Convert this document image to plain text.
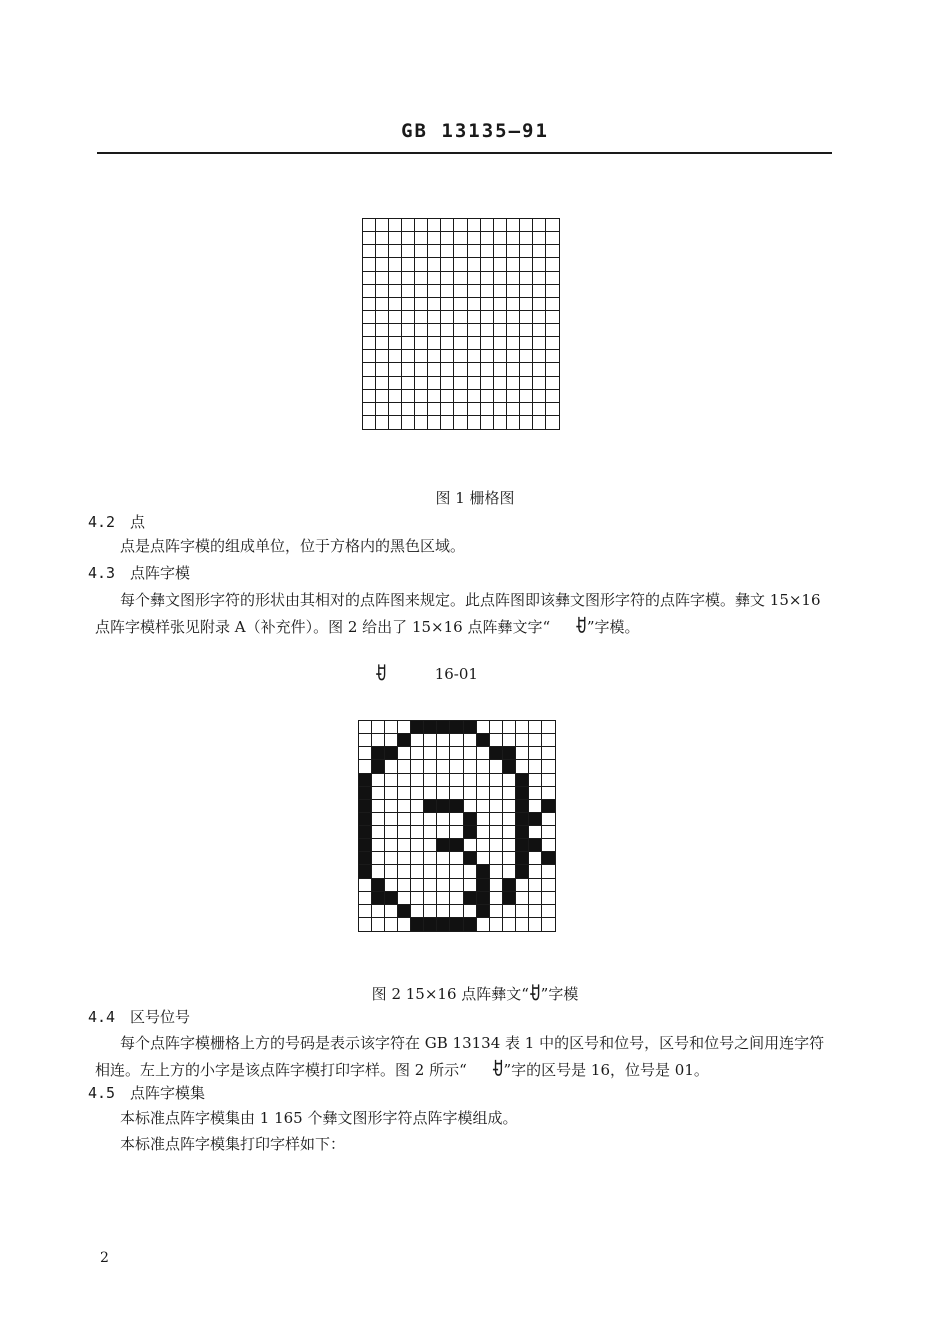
GB 13135—91
图 1 栅格图
4.2 点
点是点阵字模的组成单位，位于方格内的黑色区域。
4.3 点阵字模
每个彝文图形字符的形状由其相对的点阵图来规定。此点阵图即该彝文图形字符的点阵字模。彝文 15×16 点阵字模样张见附录 A（补充件）。图 2 给出了 15×16 点阵彝文字“ ꀀ”字模。
ꀀ	16-01
图 2 15×16 点阵彝文“ꀀ”字模
4.4 区号位号
每个点阵字模栅格上方的号码是表示该字符在 GB 13134 表 1 中的区号和位号，区号和位号之间用连字符相连。左上方的小字是该点阵字模打印字样。图 2 所示“ ꀀ”字的区号是 16，位号是 01。
4.5 点阵字模集
本标准点阵字模集由 1 165 个彝文图形字符点阵字模组成。
本标准点阵字模集打印字样如下：
2
